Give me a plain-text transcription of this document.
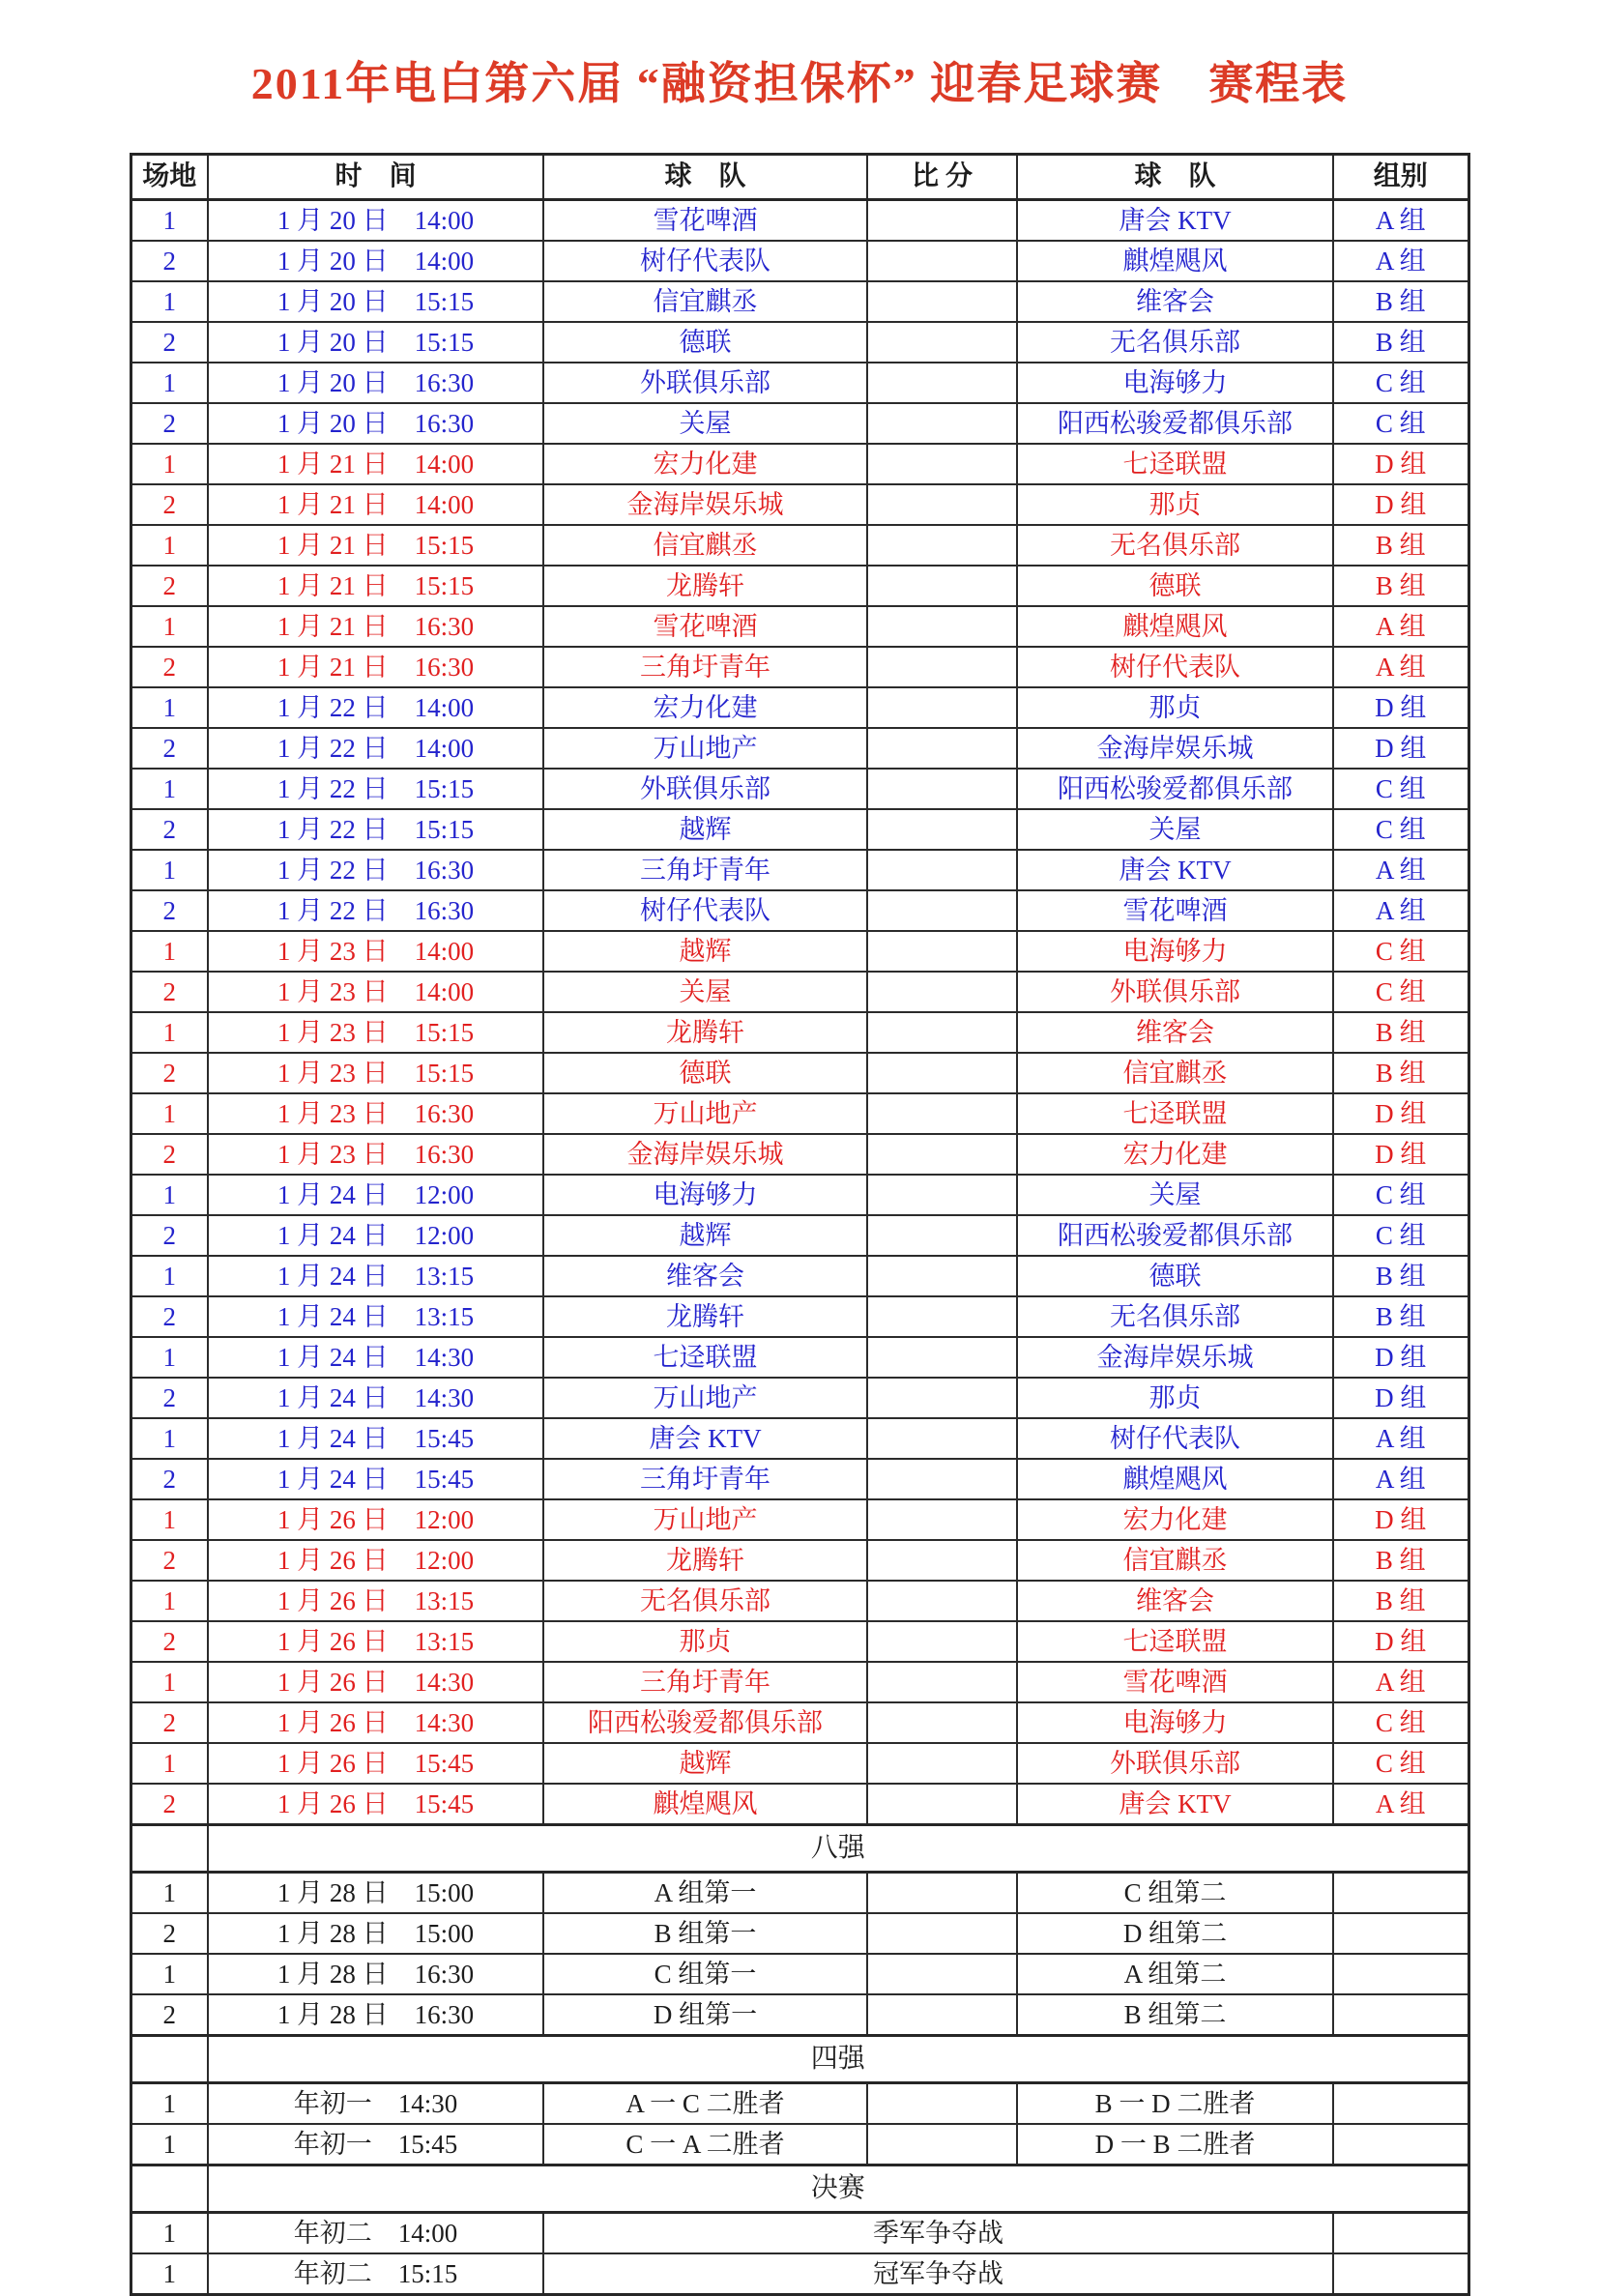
2011年电白第六届 “融资担保杯” 迎春足球赛　赛程表
场地	时　间	球　队	比 分	球　队	组别
1	1 月 20 日　14:00	雪花啤酒		唐会 KTV	A 组
2	1 月 20 日　14:00	树仔代表队		麒煌飓风	A 组
1	1 月 20 日　15:15	信宜麒丞		维客会	B 组
2	1 月 20 日　15:15	德联		无名俱乐部	B 组
1	1 月 20 日　16:30	外联俱乐部		电海够力	C 组
2	1 月 20 日　16:30	关屋		阳西松骏爱都俱乐部	C 组
1	1 月 21 日　14:00	宏力化建		七迳联盟	D 组
2	1 月 21 日　14:00	金海岸娱乐城		那贞	D 组
1	1 月 21 日　15:15	信宜麒丞		无名俱乐部	B 组
2	1 月 21 日　15:15	龙腾轩		德联	B 组
1	1 月 21 日　16:30	雪花啤酒		麒煌飓风	A 组
2	1 月 21 日　16:30	三角圩青年		树仔代表队	A 组
1	1 月 22 日　14:00	宏力化建		那贞	D 组
2	1 月 22 日　14:00	万山地产		金海岸娱乐城	D 组
1	1 月 22 日　15:15	外联俱乐部		阳西松骏爱都俱乐部	C 组
2	1 月 22 日　15:15	越辉		关屋	C 组
1	1 月 22 日　16:30	三角圩青年		唐会 KTV	A 组
2	1 月 22 日　16:30	树仔代表队		雪花啤酒	A 组
1	1 月 23 日　14:00	越辉		电海够力	C 组
2	1 月 23 日　14:00	关屋		外联俱乐部	C 组
1	1 月 23 日　15:15	龙腾轩		维客会	B 组
2	1 月 23 日　15:15	德联		信宜麒丞	B 组
1	1 月 23 日　16:30	万山地产		七迳联盟	D 组
2	1 月 23 日　16:30	金海岸娱乐城		宏力化建	D 组
1	1 月 24 日　12:00	电海够力		关屋	C 组
2	1 月 24 日　12:00	越辉		阳西松骏爱都俱乐部	C 组
1	1 月 24 日　13:15	维客会		德联	B 组
2	1 月 24 日　13:15	龙腾轩		无名俱乐部	B 组
1	1 月 24 日　14:30	七迳联盟		金海岸娱乐城	D 组
2	1 月 24 日　14:30	万山地产		那贞	D 组
1	1 月 24 日　15:45	唐会 KTV		树仔代表队	A 组
2	1 月 24 日　15:45	三角圩青年		麒煌飓风	A 组
1	1 月 26 日　12:00	万山地产		宏力化建	D 组
2	1 月 26 日　12:00	龙腾轩		信宜麒丞	B 组
1	1 月 26 日　13:15	无名俱乐部		维客会	B 组
2	1 月 26 日　13:15	那贞		七迳联盟	D 组
1	1 月 26 日　14:30	三角圩青年		雪花啤酒	A 组
2	1 月 26 日　14:30	阳西松骏爱都俱乐部		电海够力	C 组
1	1 月 26 日　15:45	越辉		外联俱乐部	C 组
2	1 月 26 日　15:45	麒煌飓风		唐会 KTV	A 组
	八强				
1	1 月 28 日　15:00	A 组第一		C 组第二	
2	1 月 28 日　15:00	B 组第一		D 组第二	
1	1 月 28 日　16:30	C 组第一		A 组第二	
2	1 月 28 日　16:30	D 组第一		B 组第二	
	四强				
1	年初一　14:30	A 一 C 二胜者		B 一 D 二胜者	
1	年初一　15:45	C 一 A 二胜者		D 一 B 二胜者	
	决赛				
1	年初二　14:00	季军争夺战			
1	年初二　15:15	冠军争夺战			
